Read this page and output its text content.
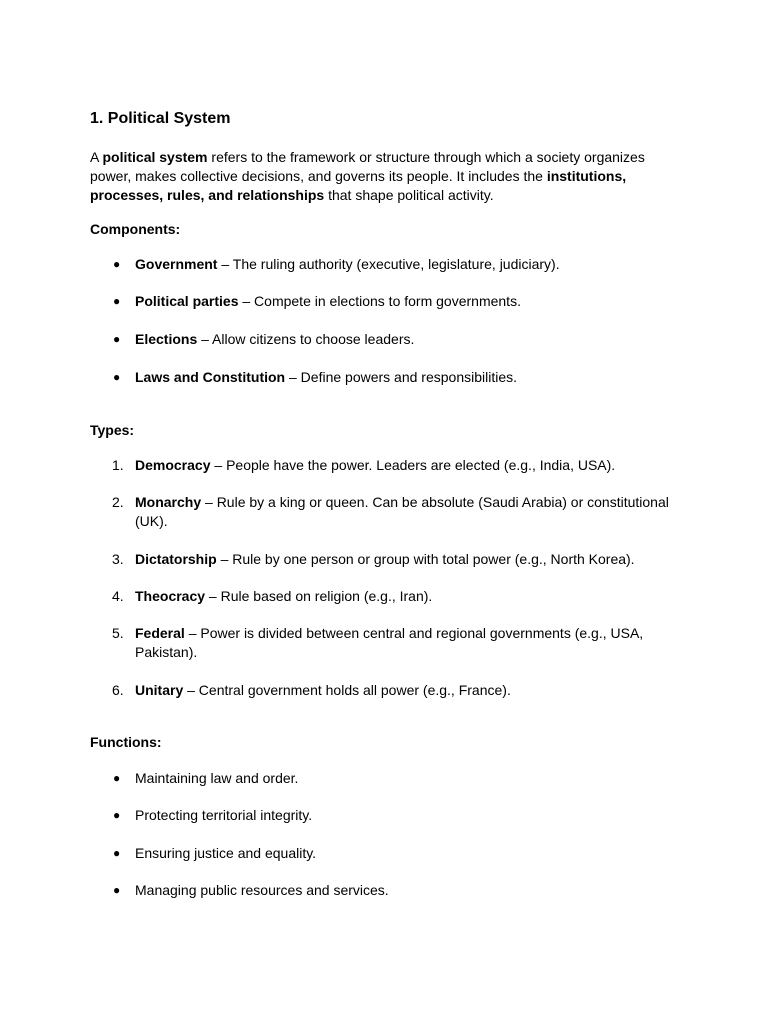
1. Political System

A political system refers to the framework or structure through which a society organizes power, makes collective decisions, and governs its people. It includes the institutions, processes, rules, and relationships that shape political activity.

Components:

●	Government – The ruling authority (executive, legislature, judiciary).
●	Political parties – Compete in elections to form governments.
●	Elections – Allow citizens to choose leaders.
●	Laws and Constitution – Define powers and responsibilities.

Types:

1. Democracy – People have the power. Leaders are elected (e.g., India, USA).
2. Monarchy – Rule by a king or queen. Can be absolute (Saudi Arabia) or constitutional (UK).
3. Dictatorship – Rule by one person or group with total power (e.g., North Korea).
4. Theocracy – Rule based on religion (e.g., Iran).
5. Federal – Power is divided between central and regional governments (e.g., USA, Pakistan).
6. Unitary – Central government holds all power (e.g., France).

Functions:

●	Maintaining law and order.
●	Protecting territorial integrity.
●	Ensuring justice and equality.
●	Managing public resources and services.
